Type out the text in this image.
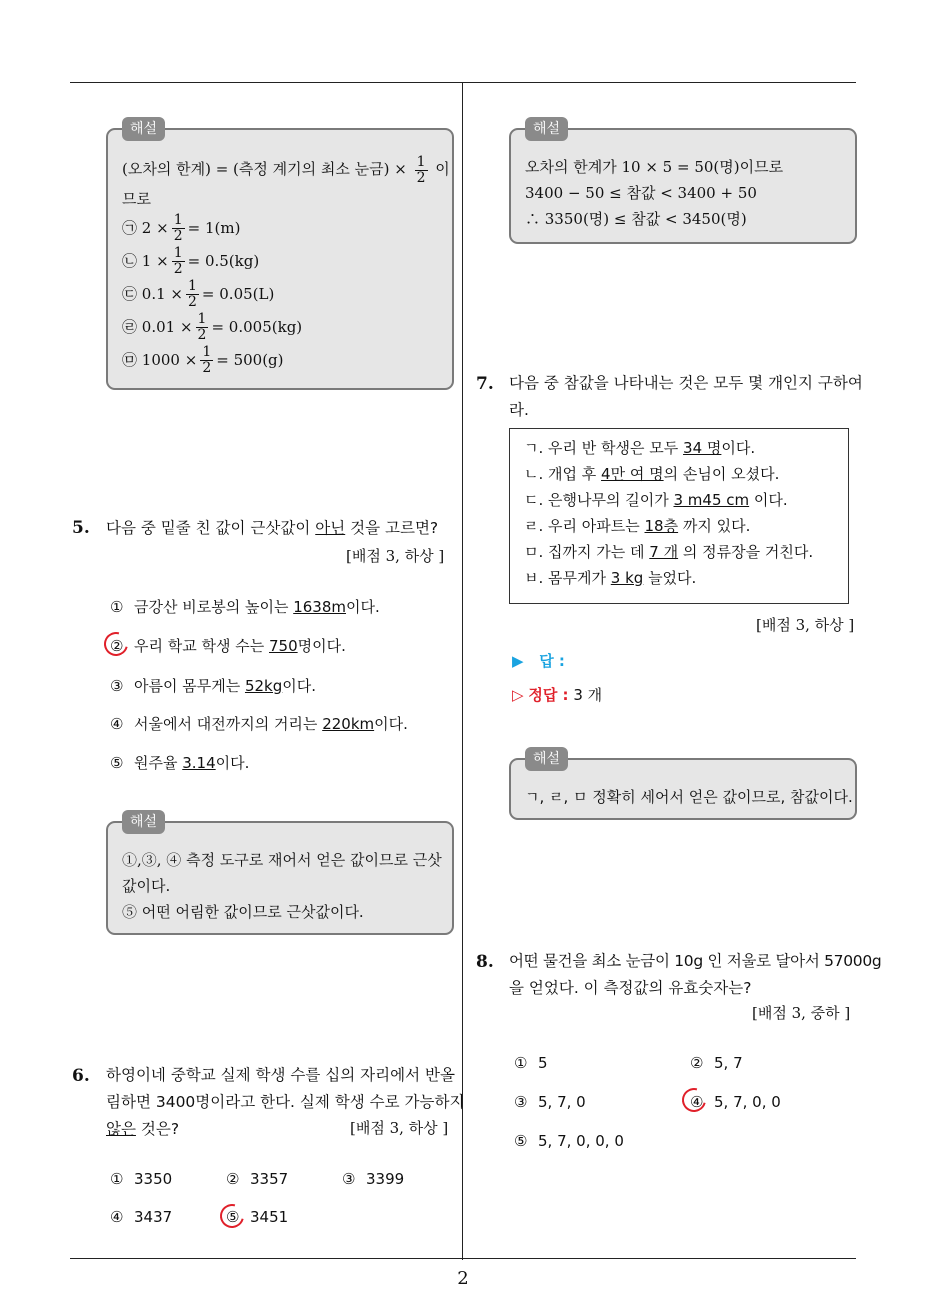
해설
(오차의 한계) = (측정 계기의 최소 눈금) × $\frac{1}{2}$ 이
므로
㉠ $2 \times \frac{1}{2} = 1(m)$
㉡ $1 \times \frac{1}{2} = 0.5(kg)$
㉢ $0.1 \times \frac{1}{2} = 0.05(L)$
㉣ $0.01 \times \frac{1}{2} = 0.005(kg)$
㉤ $1000 \times \frac{1}{2} = 500(g)$
5. 다음 중 밑줄 친 값이 근삿값이 아닌 것을 고르면?
[배점 3, 하상 ]
① 금강산 비로봉의 높이는 1638m이다.
② 우리 학교 학생 수는 750명이다.
③ 아름이 몸무게는 52kg이다.
④ 서울에서 대전까지의 거리는 220km이다.
⑤ 원주율 3.14이다.
해설
①,③, ④ 측정 도구로 재어서 얻은 값이므로 근삿
값이다.
⑤ 어떤 어림한 값이므로 근삿값이다.
6. 하영이네 중학교 실제 학생 수를 십의 자리에서 반올
림하면 3400명이라고 한다. 실제 학생 수로 가능하지
않은 것은?	[배점 3, 하상 ]
① 3350	② 3357	③ 3399
④ 3437	⑤ 3451
해설
오차의 한계가 10 × 5 = 50(명)이므로
3400 − 50 ≤ 참값 < 3400 + 50
∴ 3350(명) ≤ 참값 < 3450(명)
7. 다음 중 참값을 나타내는 것은 모두 몇 개인지 구하여
라.
ㄱ. 우리 반 학생은 모두 34 명이다.
ㄴ. 개업 후 4만 여 명의 손님이 오셨다.
ㄷ. 은행나무의 길이가 3 m45 cm 이다.
ㄹ. 우리 아파트는 18층 까지 있다.
ㅁ. 집까지 가는 데 7 개 의 정류장을 거친다.
ㅂ. 몸무게가 3 kg 늘었다.
[배점 3, 하상 ]
▶ 답 :
▷ 정답 : 3 개
해설
ㄱ, ㄹ, ㅁ 정확히 세어서 얻은 값이므로, 참값이다.
8. 어떤 물건을 최소 눈금이 10g 인 저울로 달아서 57000g
을 얻었다. 이 측정값의 유효숫자는?
[배점 3, 중하 ]
① 5	② 5, 7
③ 5, 7, 0	④ 5, 7, 0, 0
⑤ 5, 7, 0, 0, 0
2
